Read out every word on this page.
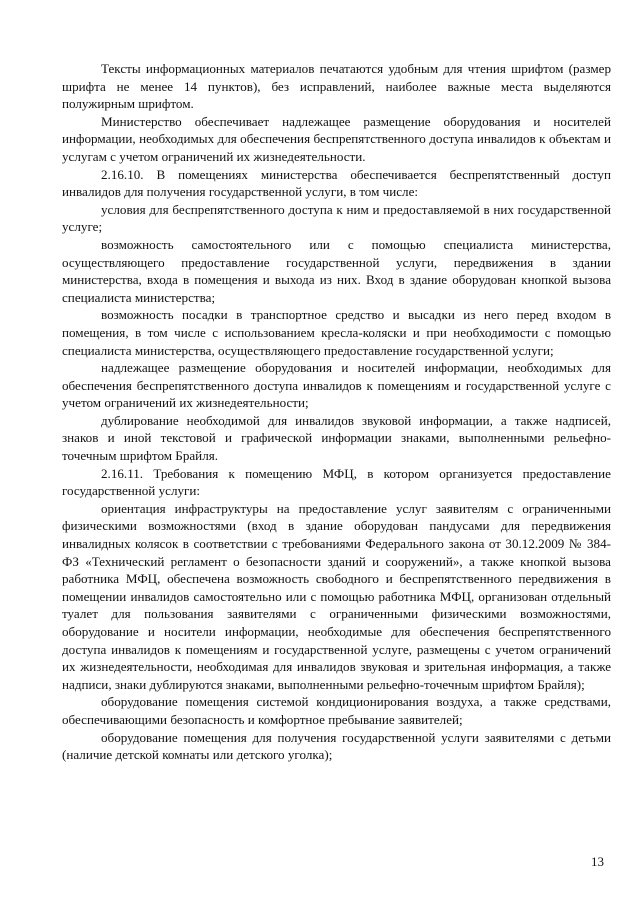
Тексты информационных материалов печатаются удобным для чтения шрифтом (размер шрифта не менее 14 пунктов), без исправлений, наиболее важные места выделяются полужирным шрифтом.

Министерство обеспечивает надлежащее размещение оборудования и носителей информации, необходимых для обеспечения беспрепятственного доступа инвалидов к объектам и услугам с учетом ограничений их жизнедеятельности.

2.16.10. В помещениях министерства обеспечивается беспрепятственный доступ инвалидов для получения государственной услуги, в том числе:

условия для беспрепятственного доступа к ним и предоставляемой в них государственной услуге;

возможность самостоятельного или с помощью специалиста министерства, осуществляющего предоставление государственной услуги, передвижения в здании министерства, входа в помещения и выхода из них. Вход в здание оборудован кнопкой вызова специалиста министерства;

возможность посадки в транспортное средство и высадки из него перед входом в помещения, в том числе с использованием кресла-коляски и при необходимости с помощью специалиста министерства, осуществляющего предоставление государственной услуги;

надлежащее размещение оборудования и носителей информации, необходимых для обеспечения беспрепятственного доступа инвалидов к помещениям и государственной услуге с учетом ограничений их жизнедеятельности;

дублирование необходимой для инвалидов звуковой информации, а также надписей, знаков и иной текстовой и графической информации знаками, выполненными рельефно-точечным шрифтом Брайля.

2.16.11. Требования к помещению МФЦ, в котором организуется предоставление государственной услуги:

ориентация инфраструктуры на предоставление услуг заявителям с ограниченными физическими возможностями (вход в здание оборудован пандусами для передвижения инвалидных колясок в соответствии с требованиями Федерального закона от 30.12.2009 № 384-ФЗ «Технический регламент о безопасности зданий и сооружений», а также кнопкой вызова работника МФЦ, обеспечена возможность свободного и беспрепятственного передвижения в помещении инвалидов самостоятельно или с помощью работника МФЦ, организован отдельный туалет для пользования заявителями с ограниченными физическими возможностями, оборудование и носители информации, необходимые для обеспечения беспрепятственного доступа инвалидов к помещениям и государственной услуге, размещены с учетом ограничений их жизнедеятельности, необходимая для инвалидов звуковая и зрительная информация, а также надписи, знаки дублируются знаками, выполненными рельефно-точечным шрифтом Брайля);

оборудование помещения системой кондиционирования воздуха, а также средствами, обеспечивающими безопасность и комфортное пребывание заявителей;

оборудование помещения для получения государственной услуги заявителями с детьми (наличие детской комнаты или детского уголка);

13
